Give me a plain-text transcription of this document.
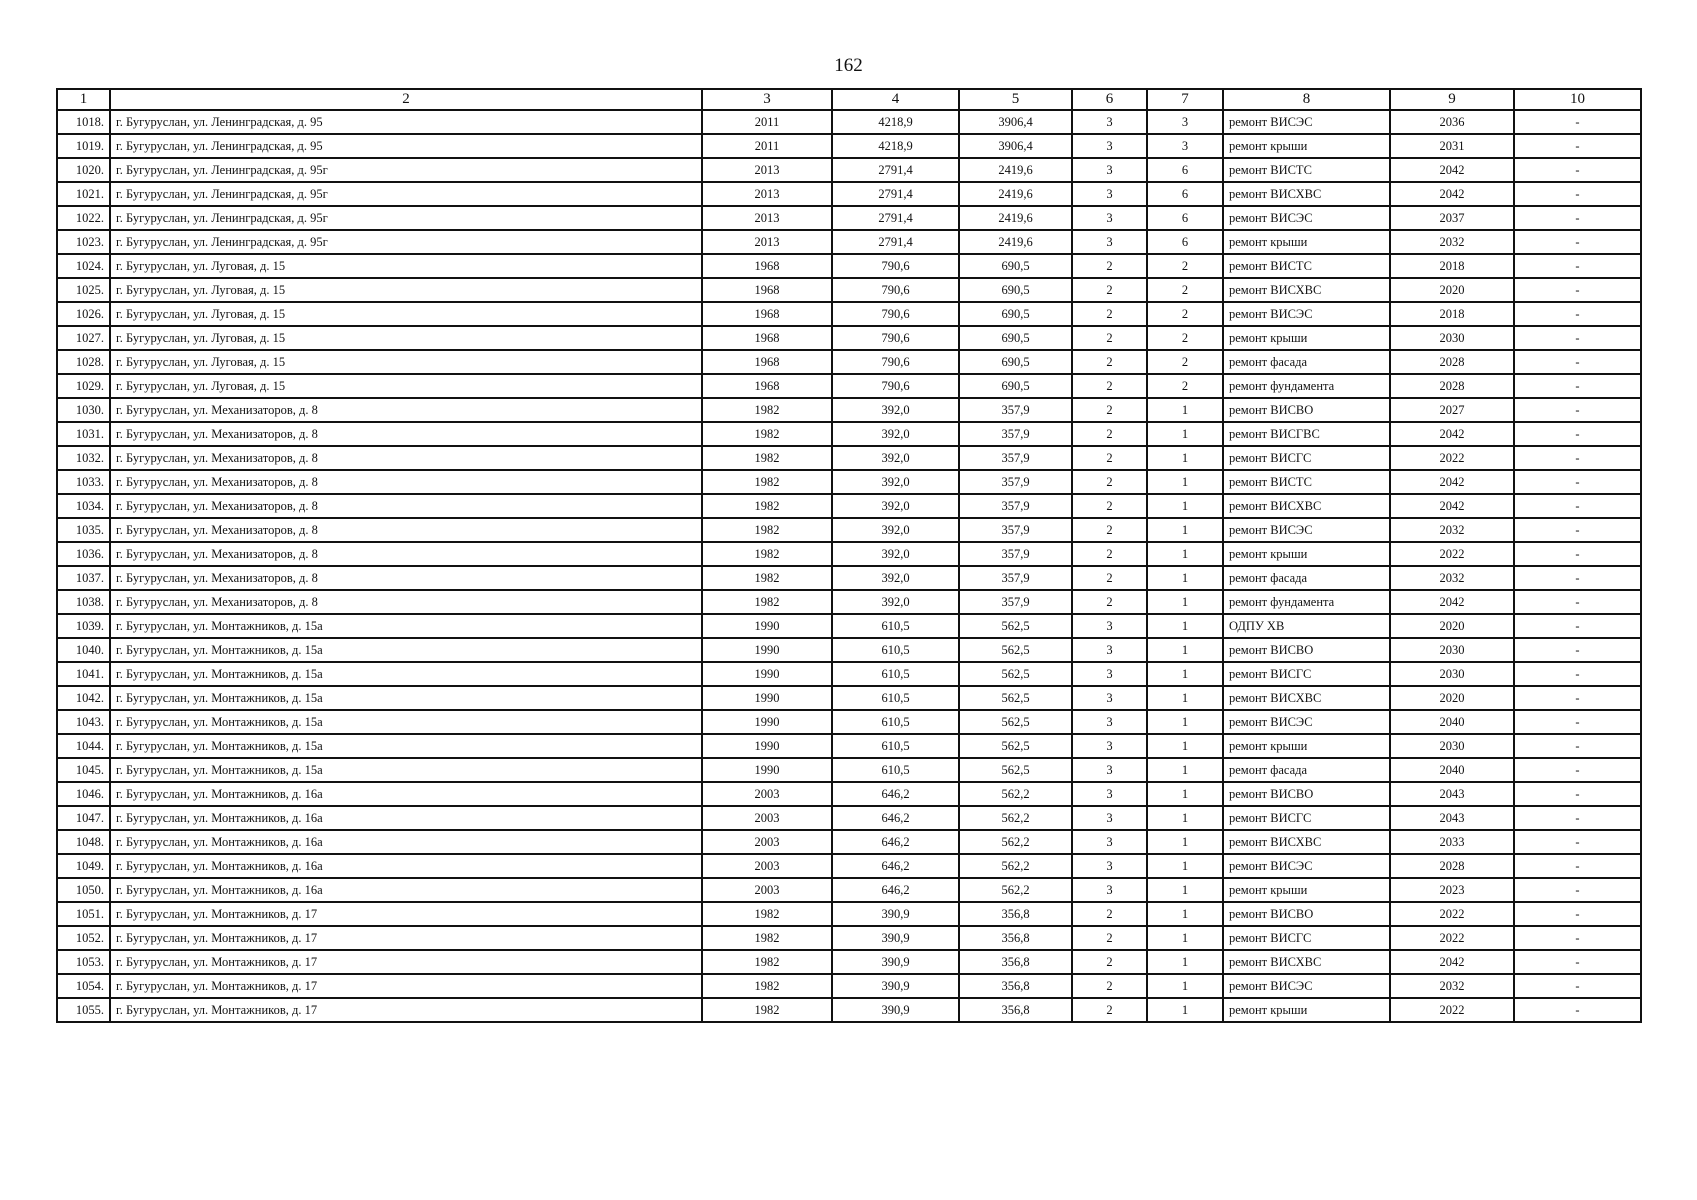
162
1	2	3	4	5	6	7	8	9	10
1018.	г. Бугуруслан, ул. Ленинградская, д. 95	2011	4218,9	3906,4	3	3	ремонт ВИСЭС	2036	-
1019.	г. Бугуруслан, ул. Ленинградская, д. 95	2011	4218,9	3906,4	3	3	ремонт крыши	2031	-
1020.	г. Бугуруслан, ул. Ленинградская, д. 95г	2013	2791,4	2419,6	3	6	ремонт ВИСТС	2042	-
1021.	г. Бугуруслан, ул. Ленинградская, д. 95г	2013	2791,4	2419,6	3	6	ремонт ВИСХВС	2042	-
1022.	г. Бугуруслан, ул. Ленинградская, д. 95г	2013	2791,4	2419,6	3	6	ремонт ВИСЭС	2037	-
1023.	г. Бугуруслан, ул. Ленинградская, д. 95г	2013	2791,4	2419,6	3	6	ремонт крыши	2032	-
1024.	г. Бугуруслан, ул. Луговая, д. 15	1968	790,6	690,5	2	2	ремонт ВИСТС	2018	-
1025.	г. Бугуруслан, ул. Луговая, д. 15	1968	790,6	690,5	2	2	ремонт ВИСХВС	2020	-
1026.	г. Бугуруслан, ул. Луговая, д. 15	1968	790,6	690,5	2	2	ремонт ВИСЭС	2018	-
1027.	г. Бугуруслан, ул. Луговая, д. 15	1968	790,6	690,5	2	2	ремонт крыши	2030	-
1028.	г. Бугуруслан, ул. Луговая, д. 15	1968	790,6	690,5	2	2	ремонт фасада	2028	-
1029.	г. Бугуруслан, ул. Луговая, д. 15	1968	790,6	690,5	2	2	ремонт фундамента	2028	-
1030.	г. Бугуруслан, ул. Механизаторов, д. 8	1982	392,0	357,9	2	1	ремонт ВИСВО	2027	-
1031.	г. Бугуруслан, ул. Механизаторов, д. 8	1982	392,0	357,9	2	1	ремонт ВИСГВС	2042	-
1032.	г. Бугуруслан, ул. Механизаторов, д. 8	1982	392,0	357,9	2	1	ремонт ВИСГС	2022	-
1033.	г. Бугуруслан, ул. Механизаторов, д. 8	1982	392,0	357,9	2	1	ремонт ВИСТС	2042	-
1034.	г. Бугуруслан, ул. Механизаторов, д. 8	1982	392,0	357,9	2	1	ремонт ВИСХВС	2042	-
1035.	г. Бугуруслан, ул. Механизаторов, д. 8	1982	392,0	357,9	2	1	ремонт ВИСЭС	2032	-
1036.	г. Бугуруслан, ул. Механизаторов, д. 8	1982	392,0	357,9	2	1	ремонт крыши	2022	-
1037.	г. Бугуруслан, ул. Механизаторов, д. 8	1982	392,0	357,9	2	1	ремонт фасада	2032	-
1038.	г. Бугуруслан, ул. Механизаторов, д. 8	1982	392,0	357,9	2	1	ремонт фундамента	2042	-
1039.	г. Бугуруслан, ул. Монтажников, д. 15а	1990	610,5	562,5	3	1	ОДПУ ХВ	2020	-
1040.	г. Бугуруслан, ул. Монтажников, д. 15а	1990	610,5	562,5	3	1	ремонт ВИСВО	2030	-
1041.	г. Бугуруслан, ул. Монтажников, д. 15а	1990	610,5	562,5	3	1	ремонт ВИСГС	2030	-
1042.	г. Бугуруслан, ул. Монтажников, д. 15а	1990	610,5	562,5	3	1	ремонт ВИСХВС	2020	-
1043.	г. Бугуруслан, ул. Монтажников, д. 15а	1990	610,5	562,5	3	1	ремонт ВИСЭС	2040	-
1044.	г. Бугуруслан, ул. Монтажников, д. 15а	1990	610,5	562,5	3	1	ремонт крыши	2030	-
1045.	г. Бугуруслан, ул. Монтажников, д. 15а	1990	610,5	562,5	3	1	ремонт фасада	2040	-
1046.	г. Бугуруслан, ул. Монтажников, д. 16а	2003	646,2	562,2	3	1	ремонт ВИСВО	2043	-
1047.	г. Бугуруслан, ул. Монтажников, д. 16а	2003	646,2	562,2	3	1	ремонт ВИСГС	2043	-
1048.	г. Бугуруслан, ул. Монтажников, д. 16а	2003	646,2	562,2	3	1	ремонт ВИСХВС	2033	-
1049.	г. Бугуруслан, ул. Монтажников, д. 16а	2003	646,2	562,2	3	1	ремонт ВИСЭС	2028	-
1050.	г. Бугуруслан, ул. Монтажников, д. 16а	2003	646,2	562,2	3	1	ремонт крыши	2023	-
1051.	г. Бугуруслан, ул. Монтажников, д. 17	1982	390,9	356,8	2	1	ремонт ВИСВО	2022	-
1052.	г. Бугуруслан, ул. Монтажников, д. 17	1982	390,9	356,8	2	1	ремонт ВИСГС	2022	-
1053.	г. Бугуруслан, ул. Монтажников, д. 17	1982	390,9	356,8	2	1	ремонт ВИСХВС	2042	-
1054.	г. Бугуруслан, ул. Монтажников, д. 17	1982	390,9	356,8	2	1	ремонт ВИСЭС	2032	-
1055.	г. Бугуруслан, ул. Монтажников, д. 17	1982	390,9	356,8	2	1	ремонт крыши	2022	-
